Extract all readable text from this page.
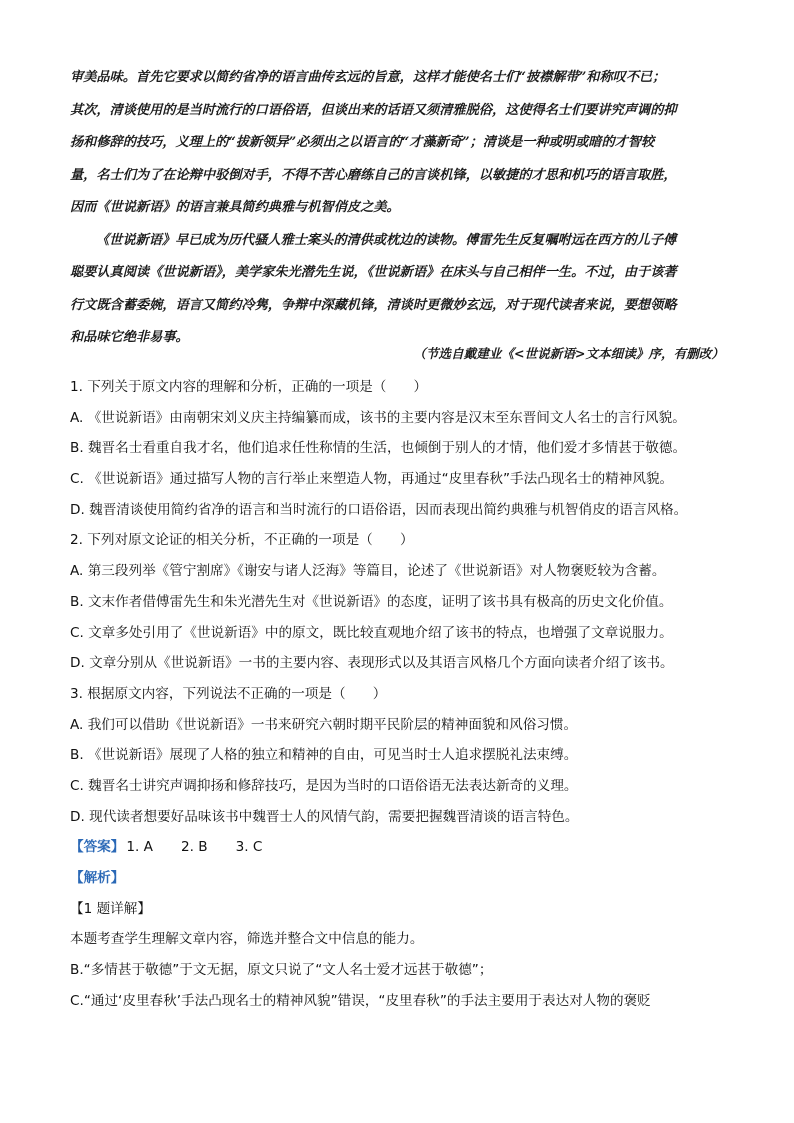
审美品味。首先它要求以简约省净的语言曲传玄远的旨意，这样才能使名士们“披襟解带”和称叹不已；

其次，清谈使用的是当时流行的口语俗语，但谈出来的话语又须清雅脱俗，这使得名士们要讲究声调的抑

扬和修辞的技巧，义理上的“拔新领异”必须出之以语言的“才藻新奇”；清谈是一种或明或暗的才智较

量，名士们为了在论辩中驳倒对手，不得不苦心磨练自己的言谈机锋，以敏捷的才思和机巧的语言取胜，

因而《世说新语》的语言兼具简约典雅与机智俏皮之美。

《世说新语》早已成为历代骚人雅士案头的清供或枕边的读物。傅雷先生反复嘱咐远在西方的儿子傅

聪要认真阅读《世说新语》，美学家朱光潜先生说，《世说新语》在床头与自己相伴一生。不过，由于该著

行文既含蓄委婉，语言又简约冷隽，争辩中深藏机锋，清谈时更微妙玄远，对于现代读者来说，要想领略

和品味它绝非易事。

（节选自戴建业《<世说新语>文本细读》序，有删改）
1. 下列关于原文内容的理解和分析，正确的一项是（　　）
A. 《世说新语》由南朝宋刘义庆主持编纂而成，该书的主要内容是汉末至东晋间文人名士的言行风貌。
B. 魏晋名士看重自我才名，他们追求任性称情的生活，也倾倒于别人的才情，他们爱才多情甚于敬德。
C. 《世说新语》通过描写人物的言行举止来塑造人物，再通过“皮里春秋”手法凸现名士的精神风貌。
D. 魏晋清谈使用简约省净的语言和当时流行的口语俗语，因而表现出简约典雅与机智俏皮的语言风格。
2. 下列对原文论证的相关分析，不正确的一项是（　　）
A. 第三段列举《管宁割席》《谢安与诸人泛海》等篇目，论述了《世说新语》对人物褒贬较为含蓄。
B. 文末作者借傅雷先生和朱光潜先生对《世说新语》的态度，证明了该书具有极高的历史文化价值。
C. 文章多处引用了《世说新语》中的原文，既比较直观地介绍了该书的特点，也增强了文章说服力。
D. 文章分别从《世说新语》一书的主要内容、表现形式以及其语言风格几个方面向读者介绍了该书。
3. 根据原文内容，下列说法不正确的一项是（　　）
A. 我们可以借助《世说新语》一书来研究六朝时期平民阶层的精神面貌和风俗习惯。
B. 《世说新语》展现了人格的独立和精神的自由，可见当时士人追求摆脱礼法束缚。
C. 魏晋名士讲究声调抑扬和修辞技巧，是因为当时的口语俗语无法表达新奇的义理。
D. 现代读者想要好品味该书中魏晋士人的风情气韵，需要把握魏晋清谈的语言特色。
【答案】 1. A 2. B 3. C
【解析】
【1 题详解】
本题考查学生理解文章内容，筛选并整合文中信息的能力。
B.“多情甚于敬德”于文无据，原文只说了“文人名士爱才远甚于敬德”；
C.“通过‘皮里春秋’手法凸现名士的精神风貌”错误，“皮里春秋”的手法主要用于表达对人物的褒贬
